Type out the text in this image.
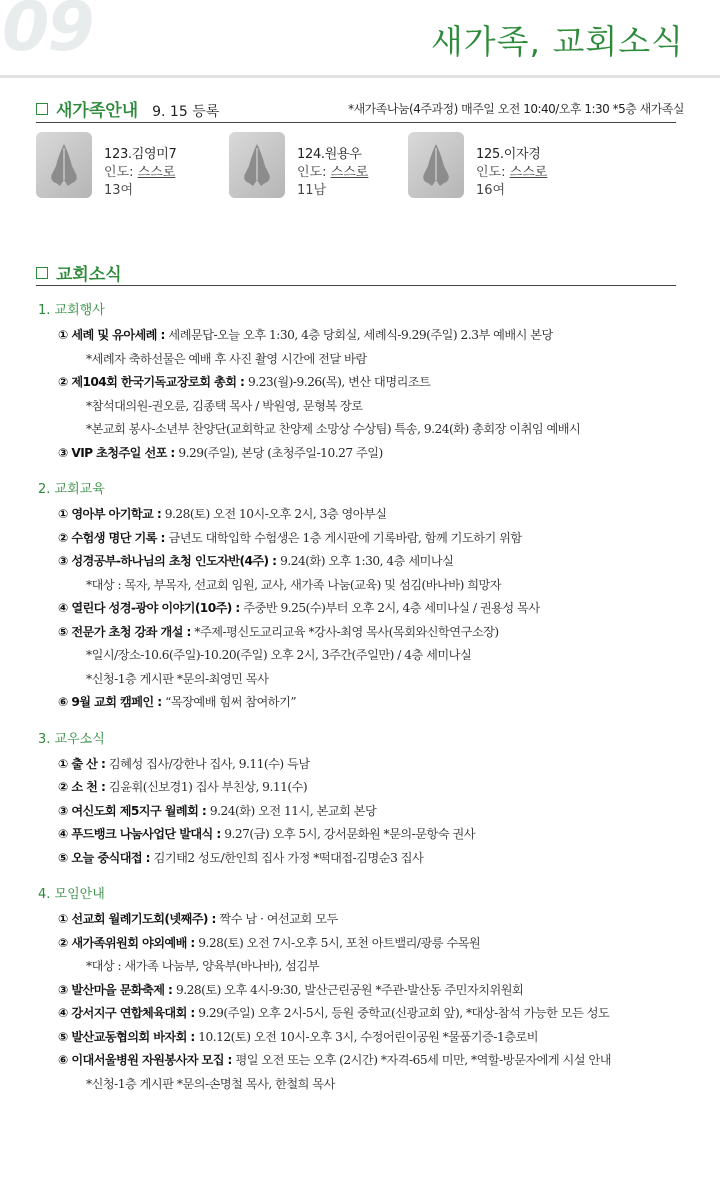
09	새가족, 교회소식
새가족안내 9. 15 등록	*새가족나눔(4주과정) 매주일 오전 10:40/오후 1:30 *5층 새가족실
123.김영미7
인도: 스스로
13여
124.원용우
인도: 스스로
11남
125.이자경
인도: 스스로
16여
교회소식
1. 교회행사
① 세례 및 유아세례 : 세례문답-오늘 오후 1:30, 4층 당회실, 세례식-9.29(주일) 2.3부 예배시 본당
*세례자 축하선물은 예배 후 사진 촬영 시간에 전달 바람
② 제104회 한국기독교장로회 총회 : 9.23(월)-9.26(목), 변산 대명리조트
*참석대의원-권오륜, 김종택 목사 / 박원영, 문형복 장로
*본교회 봉사-소년부 찬양단(교회학교 찬양제 소망상 수상팀) 특송, 9.24(화) 총회장 이취임 예배시
③ VIP 초청주일 선포 : 9.29(주일), 본당 (초청주일-10.27 주일)
2. 교회교육
① 영아부 아기학교 : 9.28(토) 오전 10시-오후 2시, 3층 영아부실
② 수험생 명단 기록 : 금년도 대학입학 수험생은 1층 게시판에 기록바람, 함께 기도하기 위함
③ 성경공부-하나님의 초청 인도자반(4주) : 9.24(화) 오후 1:30, 4층 세미나실
*대상 : 목자, 부목자, 선교회 임원, 교사, 새가족 나눔(교육) 및 섬김(바나바) 희망자
④ 열린다 성경-광야 이야기(10주) : 주중반 9.25(수)부터 오후 2시, 4층 세미나실 / 권용성 목사
⑤ 전문가 초청 강좌 개설 : *주제-평신도교리교육 *강사-최영 목사(목회와신학연구소장)
*일시/장소-10.6(주일)-10.20(주일) 오후 2시, 3주간(주일만) / 4층 세미나실
*신청-1층 게시판 *문의-최영민 목사
⑥ 9월 교회 캠페인 : “목장예배 힘써 참여하기”
3. 교우소식
① 출 산 : 김혜성 집사/강한나 집사, 9.11(수) 득남
② 소 천 : 김윤휘(신보경1) 집사 부친상, 9.11(수)
③ 여신도회 제5지구 월례회 : 9.24(화) 오전 11시, 본교회 본당
④ 푸드뱅크 나눔사업단 발대식 : 9.27(금) 오후 5시, 강서문화원 *문의-문항숙 권사
⑤ 오늘 중식대접 : 김기태2 성도/한인희 집사 가정 *떡대접-김명순3 집사
4. 모임안내
① 선교회 월례기도회(넷째주) : 짝수 남 · 여선교회 모두
② 새가족위원회 야외예배 : 9.28(토) 오전 7시-오후 5시, 포천 아트밸리/광릉 수목원
*대상 : 새가족 나눔부, 양육부(바나바), 섬김부
③ 발산마을 문화축제 : 9.28(토) 오후 4시-9:30, 발산근린공원 *주관-발산동 주민자치위원회
④ 강서지구 연합체육대회 : 9.29(주일) 오후 2시-5시, 등원 중학교(신광교회 앞), *대상-참석 가능한 모든 성도
⑤ 발산교동협의회 바자회 : 10.12(토) 오전 10시-오후 3시, 수정어린이공원 *물품기증-1층로비
⑥ 이대서울병원 자원봉사자 모집 : 평일 오전 또는 오후 (2시간) *자격-65세 미만, *역할-방문자에게 시설 안내
*신청-1층 게시판 *문의-손명철 목사, 한철희 목사
